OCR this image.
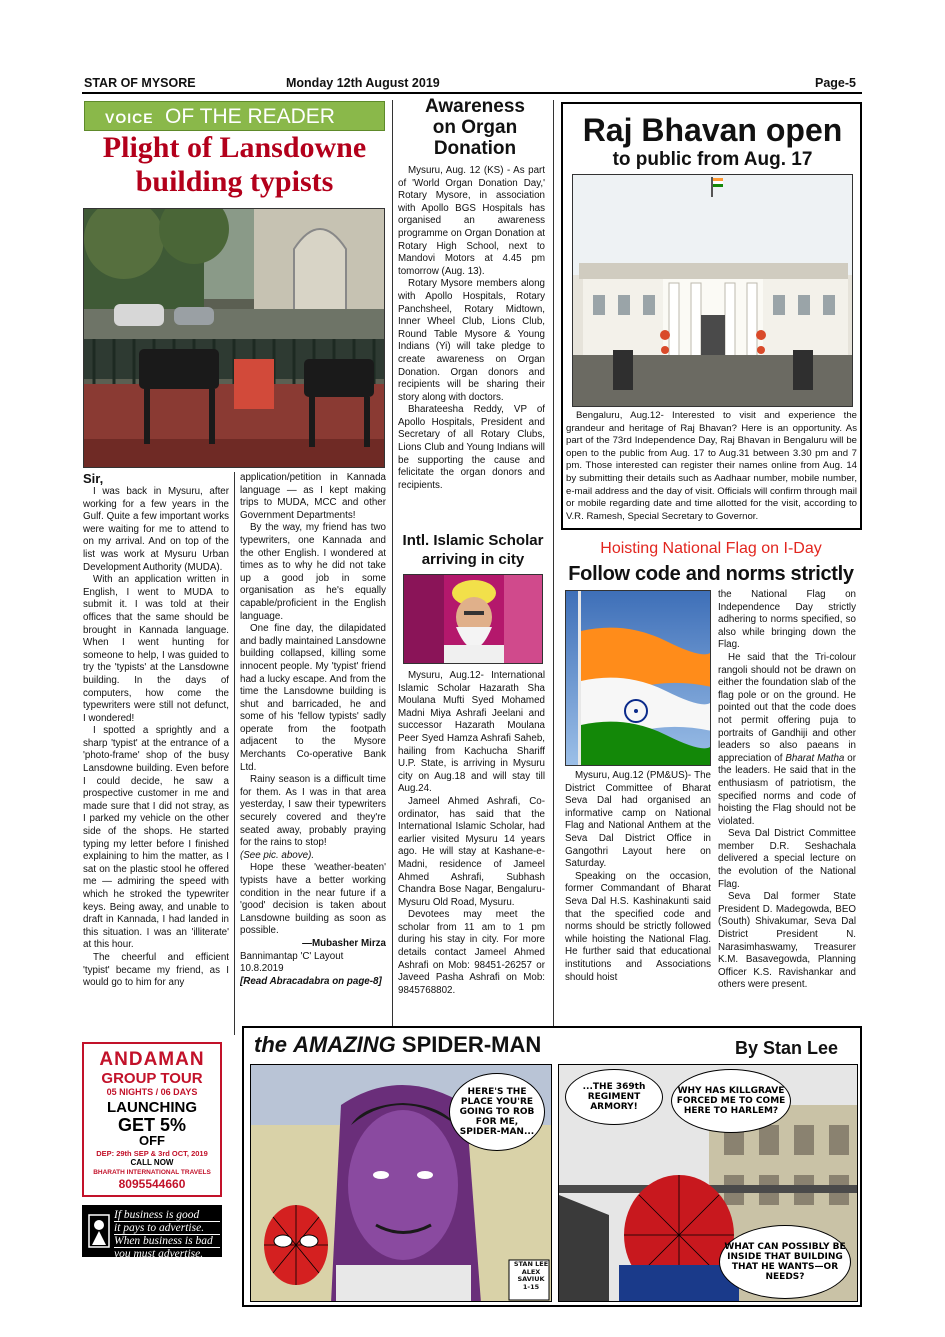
STAR OF MYSORE	Monday 12th August 2019	Page-5
VOICE OF THE READER
Plight of Lansdowne
building typists

Sir,

I was back in Mysuru, after working for a few years in the Gulf. Quite a few important works were waiting for me to attend to on my arrival. And on top of the list was work at Mysuru Urban Development Authority (MUDA).

With an application written in English, I went to MUDA to submit it. I was told at their offices that the same should be brought in Kannada language. When I went hunting for someone to help, I was guided to try the 'typists' at the Lansdowne building. In the days of computers, how come the typewriters were still not defunct, I wondered!

I spotted a sprightly and a sharp 'typist' at the entrance of a 'photo-frame' shop of the busy Lansdowne building. Even before I could decide, he saw a prospective customer in me and made sure that I did not stray, as I parked my vehicle on the other side of the shops. He started typing my letter before I finished explaining to him the matter, as I sat on the plastic stool he offered me — admiring the speed with which he stroked the typewriter keys. Being away, and unable to draft in Kannada, I had landed in this situation. I was an 'illiterate' at this hour.

The cheerful and efficient 'typist' became my friend, as I would go to him for any

application/petition in Kannada language — as I kept making trips to MUDA, MCC and other Government Departments!

By the way, my friend has two typewriters, one Kannada and the other English. I wondered at times as to why he did not take up a good job in some organisation as he's equally capable/proficient in the English language.

One fine day, the dilapidated and badly maintained Lansdowne building collapsed, killing some innocent people. My 'typist' friend had a lucky escape. And from the time the Lansdowne building is shut and barricaded, he and some of his 'fellow typists' sadly operate from the footpath adjacent to the Mysore Merchants Co-operative Bank Ltd.

Rainy season is a difficult time for them. As I was in that area yesterday, I saw their typewriters securely covered and they're seated away, probably praying for the rains to stop!

(See pic. above).

Hope these 'weather-beaten' typists have a better working condition in the near future if a 'good' decision is taken about Lansdowne building as soon as possible.

—Mubasher Mirza

Bannimantap 'C' Layout

10.8.2019

[Read Abracadabra on page-8]

Awareness
on Organ
Donation

Mysuru, Aug. 12 (KS) - As part of 'World Organ Donation Day,' Rotary Mysore, in association with Apollo BGS Hospitals has organised an awareness programme on Organ Donation at Rotary High School, next to Mandovi Motors at 4.45 pm tomorrow (Aug. 13).

Rotary Mysore members along with Apollo Hospitals, Rotary Panchsheel, Rotary Midtown, Inner Wheel Club, Lions Club, Round Table Mysore & Young Indians (Yi) will take pledge to create awareness on Organ Donation. Organ donors and recipients will be sharing their story along with doctors.

Bharateesha Reddy, VP of Apollo Hospitals, President and Secretary of all Rotary Clubs, Lions Club and Young Indians will be supporting the cause and felicitate the organ donors and recipients.

Intl. Islamic Scholar
arriving in city

Mysuru, Aug.12- International Islamic Scholar Hazarath Sha Moulana Mufti Syed Mohamed Madni Miya Ashrafi Jeelani and successor Hazarath Moulana Peer Syed Hamza Ashrafi Saheb, hailing from Kachucha Shariff U.P. State, is arriving in Mysuru city on Aug.18 and will stay till Aug.24.

Jameel Ahmed Ashrafi, Co-ordinator, has said that the International Islamic Scholar, had earlier visited Mysuru 14 years ago. He will stay at Kashane-e-Madni, residence of Jameel Ahmed Ashrafi, Subhash Chandra Bose Nagar, Bengaluru-Mysuru Old Road, Mysuru.

Devotees may meet the scholar from 11 am to 1 pm during his stay in city. For more details contact Jameel Ahmed Ashrafi on Mob: 98451-26257 or Javeed Pasha Ashrafi on Mob: 9845768802.

Raj Bhavan open
to public from Aug. 17

Bengaluru, Aug.12- Interested to visit and experience the grandeur and heritage of Raj Bhavan? Here is an opportunity. As part of the 73rd Independence Day, Raj Bhavan in Bengaluru will be open to the public from Aug. 17 to Aug.31 between 3.30 pm and 7 pm. Those interested can register their names online from Aug. 14 by submitting their details such as Aadhaar number, mobile number, e-mail address and the day of visit. Officials will confirm through mail or mobile regarding date and time allotted for the visit, according to V.R. Ramesh, Special Secretary to Governor.

Hoisting National Flag on I-Day
Follow code and norms strictly

Mysuru, Aug.12 (PM&US)- The District Committee of Bharat Seva Dal had organised an informative camp on National Flag and National Anthem at the Seva Dal District Office in Gangothri Layout here on Saturday.

Speaking on the occasion, former Commandant of Bharat Seva Dal H.S. Kashinakunti said that the specified code and norms should be strictly followed while hoisting the National Flag. He further said that educational institutions and Associations should hoist

the National Flag on Independence Day strictly adhering to norms specified, so also while bringing down the Flag.

He said that the Tri-colour rangoli should not be drawn on either the foundation slab of the flag pole or on the ground. He pointed out that the code does not permit offering puja to portraits of Gandhiji and other leaders so also paeans in appreciation of Bharat Matha or the leaders. He said that in the enthusiasm of patriotism, the specified norms and code of hoisting the Flag should not be violated.

Seva Dal District Committee member D.R. Seshachala delivered a special lecture on the evolution of the National Flag.

Seva Dal former State President D. Madegowda, BEO (South) Shivakumar, Seva Dal District President N. Narasimhaswamy, Treasurer K.M. Basavegowda, Planning Officer K.S. Ravishankar and others were present.

ANDAMAN
GROUP TOUR
05 NIGHTS / 06 DAYS
LAUNCHING
GET 5%
OFF
DEP: 29th SEP & 3rd OCT, 2019
CALL NOW
BHARATH INTERNATIONAL TRAVELS
8095544660
If business is good
it pays to advertise.
When business is bad
you must advertise.
the AMAZING SPIDER-MAN	By Stan Lee
HERE'S THE PLACE YOU'RE GOING TO ROB FOR ME, SPIDER-MAN...
STAN LEE ALEX SAVIUK 1-15
...THE 369th REGIMENT ARMORY!
WHY HAS KILLGRAVE FORCED ME TO COME HERE TO HARLEM?
WHAT CAN POSSIBLY BE INSIDE THAT BUILDING THAT HE WANTS—OR NEEDS?
